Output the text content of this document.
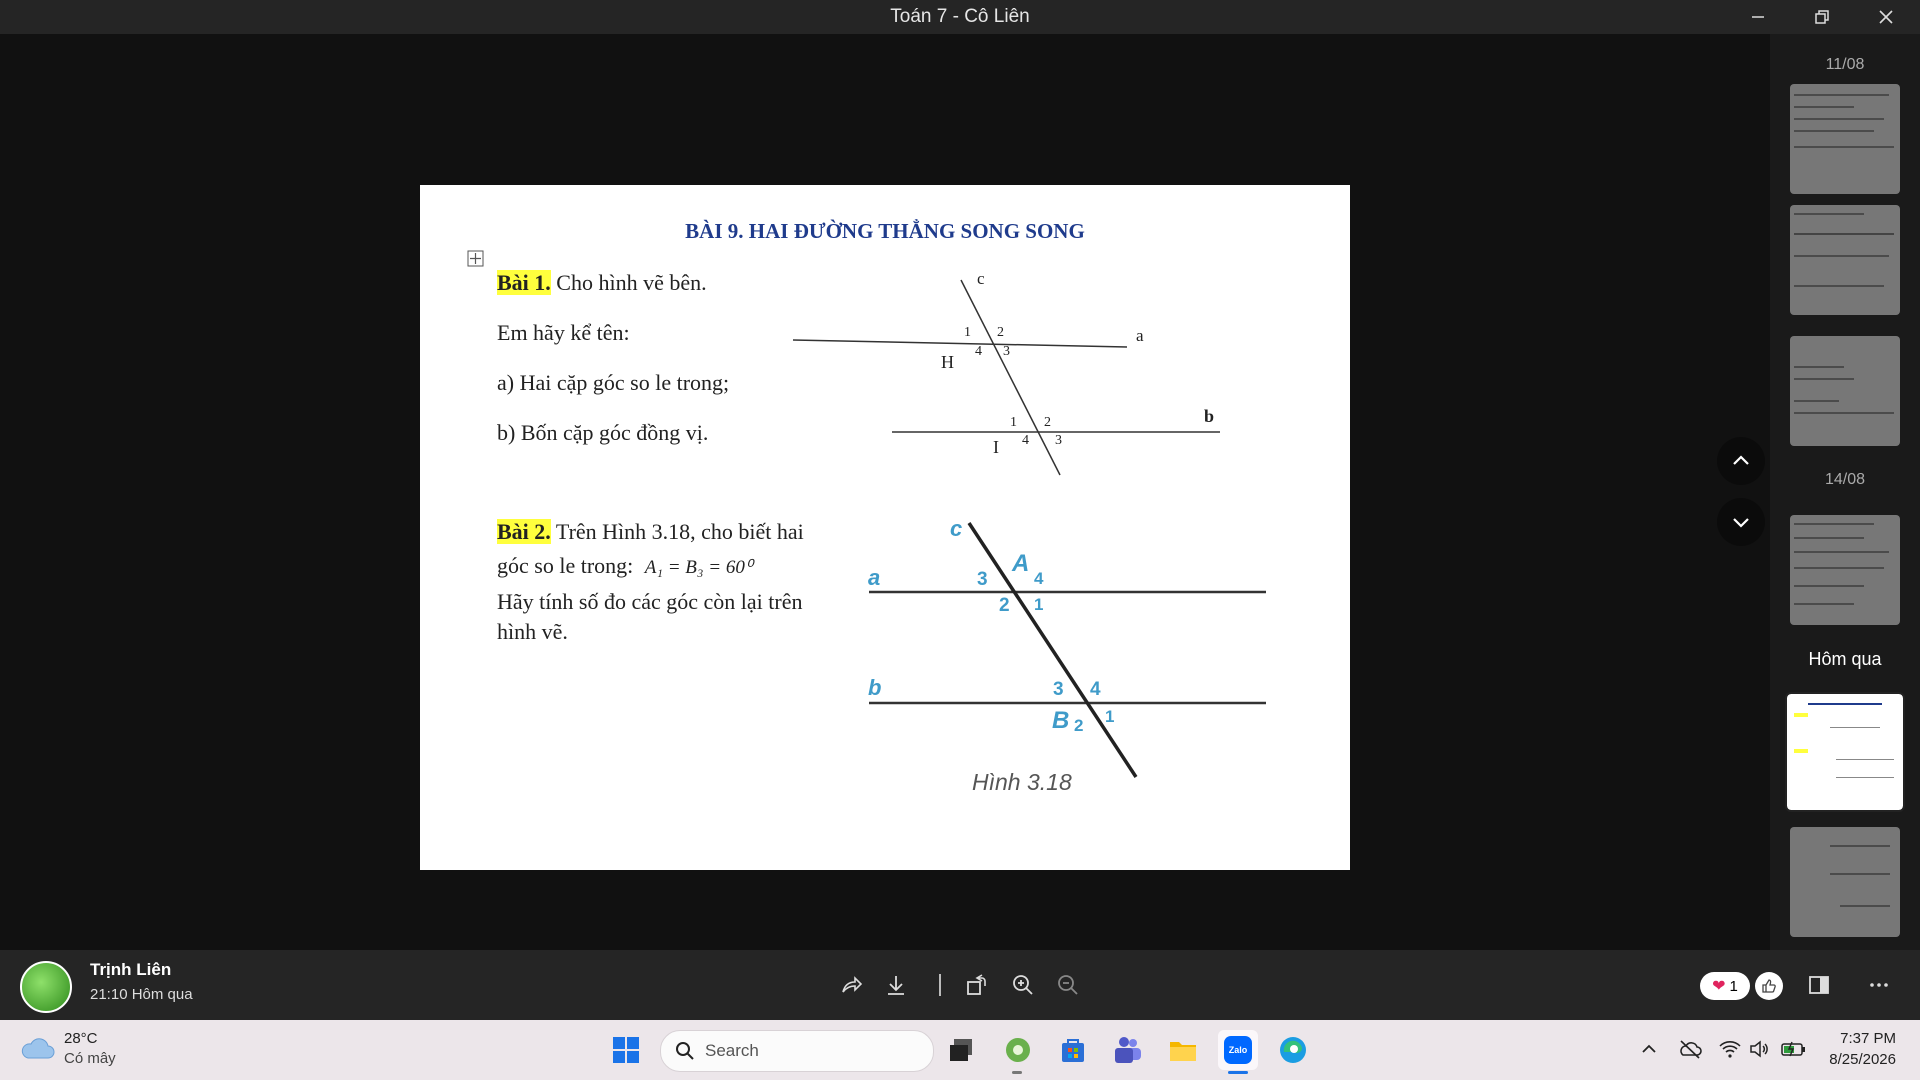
Toán 7 - Cô Liên
BÀI 9. HAI ĐƯỜNG THẲNG SONG SONG
Bài 1. Cho hình vẽ bên.
Em hãy kể tên:
a) Hai cặp góc so le trong;
b) Bốn cặp góc đồng vị.
c
a
b
H
I
1 2
3
4
1 2
3
4
Bài 2. Trên Hình 3.18, cho biết hai
góc so le trong: A₁ = B₃ = 60⁰
Hãy tính số đo các góc còn lại trên
hình vẽ.
c
a
b
A
4
3
2 1
3 4
B 2 1
Hình 3.18
11/08
14/08
Hôm qua
Trịnh Liên
21:10 Hôm qua	❤ 1
28°C
Có mây	Search	Zalo
7:37 PM
8/25/2026
